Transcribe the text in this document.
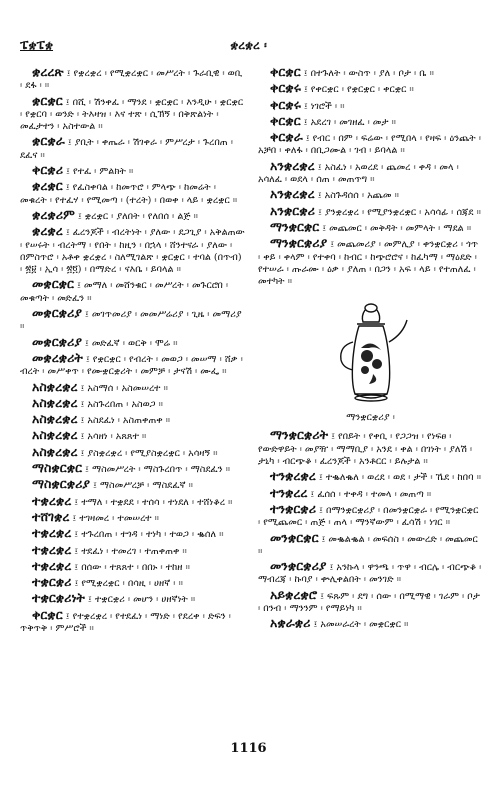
ፔቋፔቋ	ቋረቋረ ፡

ቋረረጽ ፤ የቋረቋረ ፡ የሚቋረቋር ፡ መሥረት ፡ ጉራቢዊ ፡ ወቢ ፡ ደፋ ፡ ።

ቋርቋር ፤ በሺ ፡ ሽንቀፈ ፡ ማንደ ፡ ቋርቋር ፡ እንዲሁ ፡ ቋርቋር ፡ የቋርባ ፡ ወንድ ፡ ትእዛዝ ፡ እና ተጽ ፡ ሲኽኝ ፡ በቅጽልነት ፡ መፈታተን ፡ አስተውል ።

ቋርቋራ ፤ ያቢት ፡ ቀጤራ ፡ ሽገቀራ ፡ ምሥረታ ፡ ጉረበጠ ፡ ደፈና ።

ቀርቋሪ ፤ የተፈ ፡ ምልክት ።

ቋረቋር ፤ የፈስቀባል ፡ ከመጥሮ ፡ ምላጭ ፡ ከመሬት ፡ መቁረት ፡ የተፈሃ ፡ የሚመጣ ፡ (ተረት) ፡ በወቀ ፡ ላይ ፡ ቋረቋር ።

ቋረቋሪም ፤ ቋረቋር ፡ ያለበት ፡ የለበሰ ፡ ልጅ ።

ቋረቋረ ፤ ፈረንጆች ፡ ብረትነት ፡ ያለው ፡ ደጋጊያ ፡ አቅልጠው ፡ የሠሩት ፡ ብረትማ ፡ የበት ፡ ከዚን ፡ በኋላ ፡ ሸንተናራ ፡ ያለው ፡ በምስጥሮ ፡ አቶቀ ቋረቋረ ፡ ስለሚገልጽ ፡ ቋርቋር ፡ ተባል (በጥብ) ፡ ፳፱ ፡ ኢሳ ፡ ፳፬) ፡ በማድረ ፡ ናእቤ ፡ ይባላል ።

መቋርቋር ፤ መማለ ፡ መሸንቁር ፡ መሥረት ፡ መጉርሮበ ፡ መቁጣት ፡ መድፈን ።

መቋርቋሪያ ፤ መገጥመሪያ ፡ መመሥሬሪያ ፡ ጊዜ ፡ መማሪያ ።

መቋርቋሪያ ፤ መድፈኛ ፡ ወርቅ ፡ ሞሬ ።

መቋረቋሪት ፤ የቋርቋር ፡ የብረት ፡ መወጋ ፡ መሠማ ፡ ሸቃ ፡ ብረት ፡ መሥቀጥ ፡ የሙቋርቋሪት ፡ መምቻ ፡ ታናሽ ፡ ሙፌ ።

አስቋረቋረ ፤ አስማሰ ፡ አስመሠረተ ።

አስቋረቋረ ፤ አስጉረበጠ ፡ አስወጋ ።

አስቋረቋረ ፤ አስደፈነ ፡ አስጠቀጠቀ ።

አስቋረቋረ ፤ አሳዘነ ፡ አጸጸተ ።

አስቋረቋረ ፤ ያስቋረቋረ ፡ የሚያስቋረቋር ፡ አሳዛኝ ።

ማስቋርቋር ፤ ማስመሥረት ፡ ማስጉረበጥ ፡ ማስደፈን ።

ማስቋርቋሪያ ፤ ማስመሥረቻ ፡ ማስደፈኛ ።

ተቋረቋረ ፤ ተማለ ፡ ተቋደደ ፡ ተሰሳ ፡ ተነደለ ፡ ተሸነቆረ ።

ተሸገቋረ ፤ ተገዛመረ ፡ ተመሠረተ ።

ተቋረቋረ ፤ ተጉረበጠ ፡ ተጎዳ ፡ ተነካ ፡ ተወጋ ፡ ቈሰለ ።

ተቋረቋረ ፤ ተደፈነ ፡ ተመረገ ፡ ተጠቀጠቀ ።

ተቋረቋረ ፤ በሰው ፡ ተጸጸተ ፡ በበኑ ፡ ተከዘ ።

ተቋርቋሪ ፤ የሚቋረቋር ፡ በሳዚ ፡ ሀዘኛ ፡ ።

ተቋርቋሪነት ፤ ተቋርቋሪ ፡ መሆን ፡ ሀዘኛነት ።

ቀርቋር ፤ የተቋረቋረ ፡ የተደፈነ ፡ ማነድ ፡ የደረቀ ፡ ድፍን ፡ ጥቅጥቅ ፡ ምሥሮች ።

ቀርቋር ፤ በተጉለት ፡ ውስጥ ፡ ያለ ፡ ቦታ ፡ ቤ ።

ቀርቋሩ ፤ የቀርቋር ፡ የቋርቋር ፡ ቀርቋር ።

ቀርቋሩ ፤ ነገሮች ፡ ።

ቀርቋር ፤ አደረገ ፡ መገዘፈ ፡ መታ ።

ቀርቋራ ፤ የብር ፡ በም ፡ ፍሬው ፡ የሚበላ ፡ የዛፍ ፡ ዕንጨት ፡ አቻበ ፡ ቀለፋ ፡ በቢጋሙል ፡ ገብ ፡ ይባላል ።

አንቋረቋረ ፤ አስፈነ ፡ አወረደ ፡ ጨመረ ፡ ቀዳ ፡ መላ ፡ አሳለፈ ፡ ወደላ ፡ ሰጠ ፡ መጠጥግ ።

አንቋረቋረ ፤ አስጉዳሰሰ ፡ አጨመ ።

አንቋርቋሪ ፤ ያንቋረቋረ ፡ የሚያንቋረቋር ፡ አሳሳፊ ፡ ሰጃደ ።

ማንቋርቋር ፤ መጨመር ፡ መቅዳት ፡ መምላት ፡ ማደል ።

ማንቋርቋሪያ ፤ መጨመሪያ ፡ መምሊያ ፡ ቀንቋርቋሪ ፡ ጎጥ ፡ ቀይ ፡ ቀላም ፡ የተቀባ ፡ ከብር ፡ ከጭሮሮና ፡ ከፈካማ ፡ ማዕደድ ፡ የተሠራ ፡ ጡራሙ ፡ ዕቃ ፡ ያለጠ ፡ በጋን ፡ አፍ ፡ ላይ ፡ የተጠለፈ ፡ መተካት ።

ማንቋርቋሪያ ፡

ማንቋርቋሪት ፤ የበይት ፡ የቀቢ ፡ የጋጋዝ ፡ የነፍፀ ፡ የውድዋይት ፡ መያዥ ፡ ማማቢያ ፡ አንደ ፡ ቀል ፡ በገነት ፡ ያለሽ ፡ ታኒካ ፡ ብርጭቆ ፡ ፈረንጆች ፡ አንቶርር ፡ ይሉታል ።

ተንቋረቋረ ፤ ተቈለቈለ ፡ ወረደ ፡ ወደ ፡ ታች ፡ ኼደ ፡ ከበባ ።

ተንቋረረ ፤ ፈሰሰ ፡ ተቀዳ ፡ ተመላ ፡ መጠጣ ።

ተንቋርቋሪ ፤ በማንቋርቋሪያ ፡ በመንቋርቋራ ፡ የሚንቋርቋር ፡ የሚጨመር ፡ ጠጅ ፡ ጠላ ፡ ማንኛውም ፡ ፈሳሽ ፡ ነገር ።

መንቋርቋር ፤ መቈልቈል ፡ መፍሰስ ፡ መውረድ ፡ መጨመር ።

መንቋርቋሪያ ፤ አንኩላ ፡ ዋንጫ ፡ ጥዋ ፡ ብርሌ ፡ ብርጭቆ ፡ ማብረጃ ፡ ኩባያ ፡ ቍሊቀልበት ፡ መንገድ ።

አይቋረቋሮ ፤ ፍጹም ፡ ደግ ፡ ሰው ፡ በሚማዊ ፡ ገራም ፡ ቦታ ፡ በንብ ፡ ማንንም ፡ የማይነካ ።

አቋራቋሪ ፤ አመሠራረት ፡ መቋርቋር ።

1116
